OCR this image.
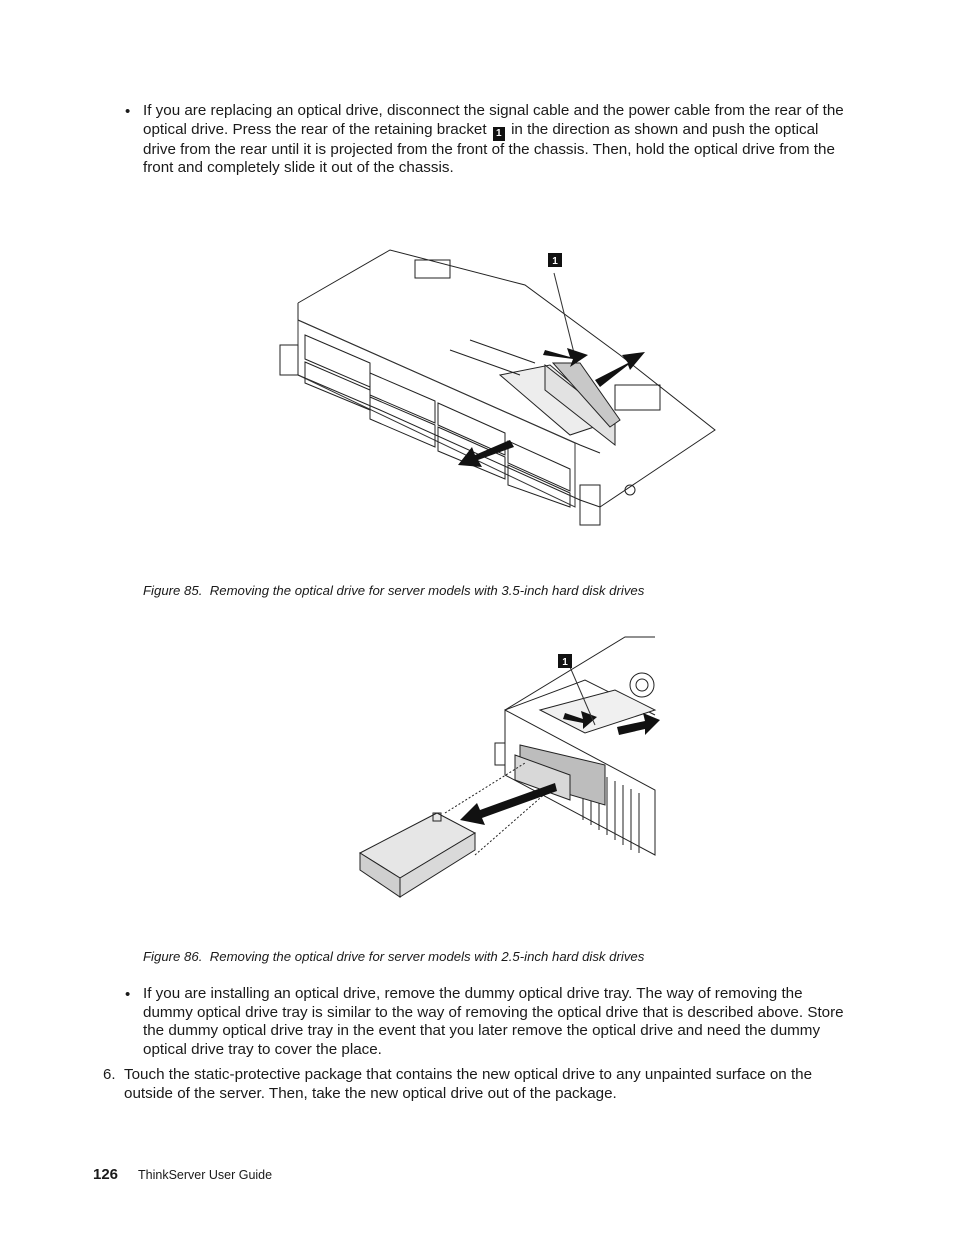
• If you are replacing an optical drive, disconnect the signal cable and the power cable from the rear of the optical drive. Press the rear of the retaining bracket 1 in the direction as shown and push the optical drive from the rear until it is projected from the front of the chassis. Then, hold the optical drive from the front and completely slide it out of the chassis.
1
Figure 85. Removing the optical drive for server models with 3.5-inch hard disk drives
1
Figure 86. Removing the optical drive for server models with 2.5-inch hard disk drives
• If you are installing an optical drive, remove the dummy optical drive tray. The way of removing the dummy optical drive tray is similar to the way of removing the optical drive that is described above. Store the dummy optical drive tray in the event that you later remove the optical drive and need the dummy optical drive tray to cover the place.
6. Touch the static-protective package that contains the new optical drive to any unpainted surface on the outside of the server. Then, take the new optical drive out of the package.
126 ThinkServer User Guide
